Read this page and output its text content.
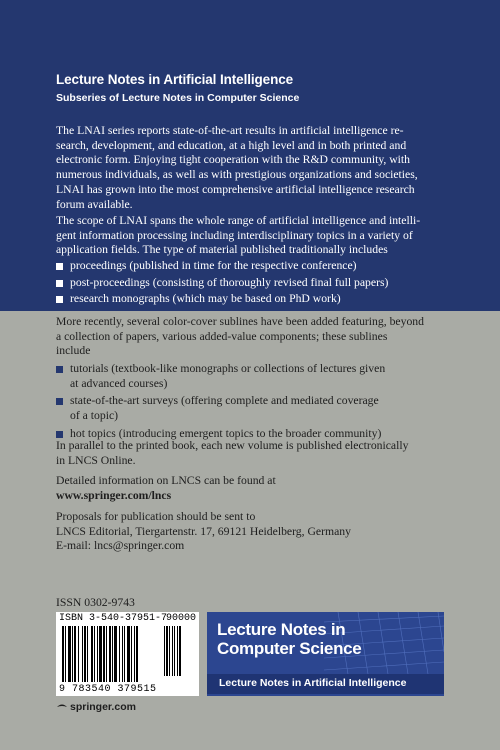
Lecture Notes in Artificial Intelligence
Subseries of Lecture Notes in Computer Science

The LNAI series reports state-of-the-art results in artificial intelligence re-
search, development, and education, at a high level and in both printed and
electronic form. Enjoying tight cooperation with the R&D community, with
numerous individuals, as well as with prestigious organizations and societies,
LNAI has grown into the most comprehensive artificial intelligence research
forum available.

The scope of LNAI spans the whole range of artificial intelligence and intelli-
gent information processing including interdisciplinary topics in a variety of
application fields. The type of material published traditionally includes

proceedings (published in time for the respective conference)
post-proceedings (consisting of thoroughly revised final full papers)
research monographs (which may be based on PhD work)

More recently, several color-cover sublines have been added featuring, beyond
a collection of papers, various added-value components; these sublines
include

tutorials (textbook-like monographs or collections of lectures given
at advanced courses)
state-of-the-art surveys (offering complete and mediated coverage
of a topic)
hot topics (introducing emergent topics to the broader community)

In parallel to the printed book, each new volume is published electronically
in LNCS Online.

Detailed information on LNCS can be found at
www.springer.com/lncs

Proposals for publication should be sent to
LNCS Editorial, Tiergartenstr. 17, 69121 Heidelberg, Germany
E-mail: lncs@springer.com

ISSN 0302-9743
ISBN 3-540-37951-7
90000
9 783540 379515
Lecture Notes in
Computer Science
Lecture Notes in Artificial Intelligence
springer.com
